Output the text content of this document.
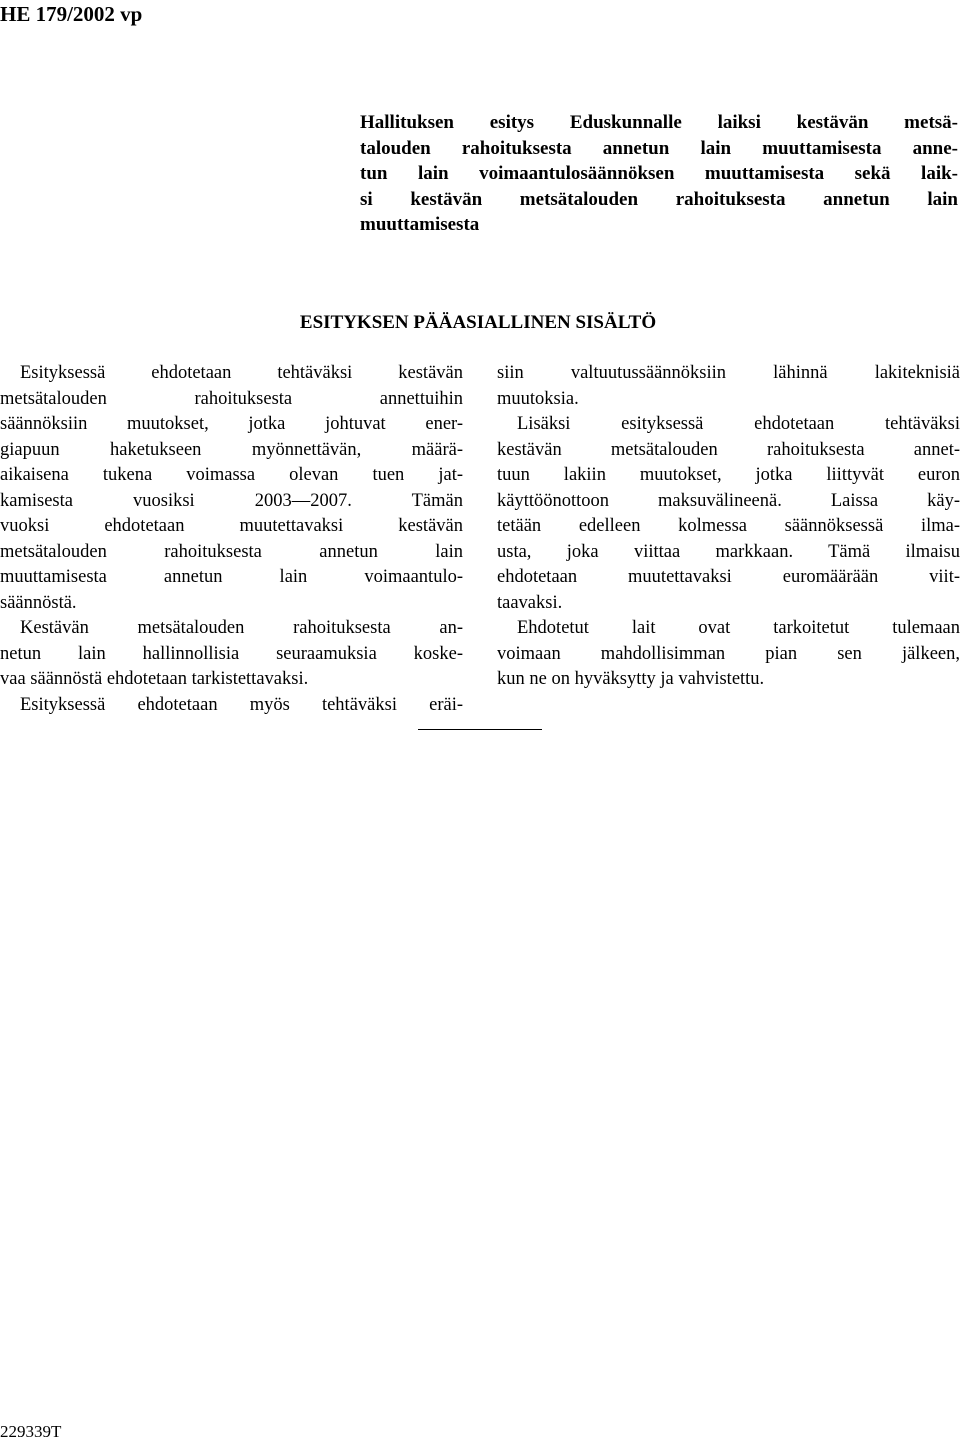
HE 179/2002 vp
Hallituksen esitys Eduskunnalle laiksi kestävän metsä-
talouden rahoituksesta annetun lain muuttamisesta anne-
tun lain voimaantulosäännöksen muuttamisesta sekä laik-
si kestävän metsätalouden rahoituksesta annetun lain
muuttamisesta
ESITYKSEN PÄÄASIALLINEN SISÄLTÖ
Esityksessä ehdotetaan tehtäväksi kestävän
metsätalouden rahoituksesta annettuihin
säännöksiin muutokset, jotka johtuvat ener-
giapuun haketukseen myönnettävän, määrä-
aikaisena tukena voimassa olevan tuen jat-
kamisesta vuosiksi 2003—2007. Tämän
vuoksi ehdotetaan muutettavaksi kestävän
metsätalouden rahoituksesta annetun lain
muuttamisesta annetun lain voimaantulo-
säännöstä.
Kestävän metsätalouden rahoituksesta an-
netun lain hallinnollisia seuraamuksia koske-
vaa säännöstä ehdotetaan tarkistettavaksi.
Esityksessä ehdotetaan myös tehtäväksi eräi-
siin valtuutussäännöksiin lähinnä lakiteknisiä
muutoksia.
Lisäksi esityksessä ehdotetaan tehtäväksi
kestävän metsätalouden rahoituksesta annet-
tuun lakiin muutokset, jotka liittyvät euron
käyttöönottoon maksuvälineenä. Laissa käy-
tetään edelleen kolmessa säännöksessä ilma-
usta, joka viittaa markkaan. Tämä ilmaisu
ehdotetaan muutettavaksi euromäärään viit-
taavaksi.
Ehdotetut lait ovat tarkoitetut tulemaan
voimaan mahdollisimman pian sen jälkeen,
kun ne on hyväksytty ja vahvistettu.
229339T
